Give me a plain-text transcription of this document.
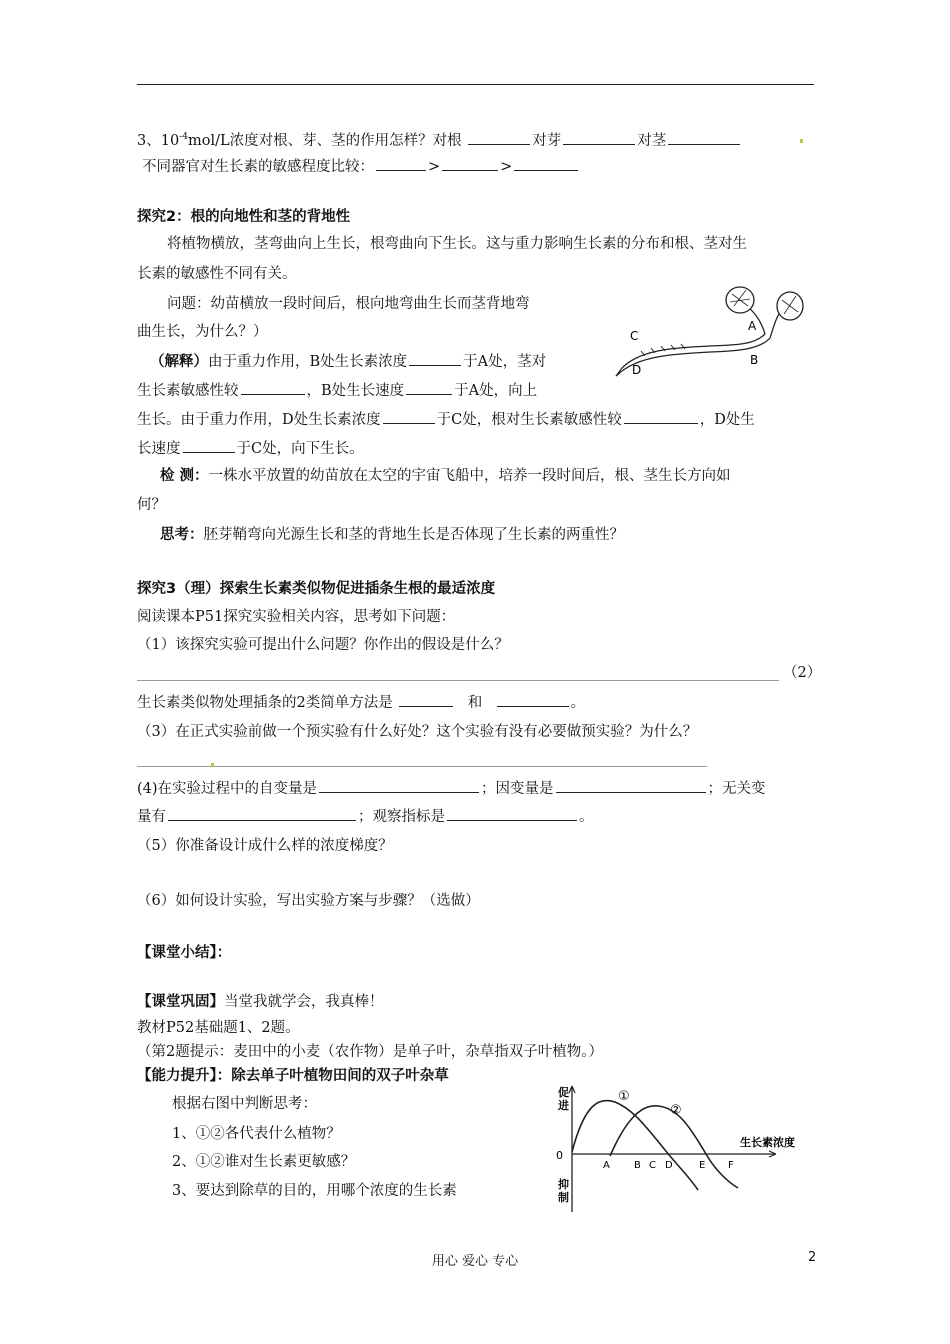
3、$10^{-4}mol/L$浓度对根、芽、茎的作用怎样？对根	对芽	对茎
不同器官对生长素的敏感程度比较：	>	>
探究2：根的向地性和茎的背地性
将植物横放，茎弯曲向上生长，根弯曲向下生长。这与重力影响生长素的分布和根、茎对生
长素的敏感性不同有关。
问题：幼苗横放一段时间后，根向地弯曲生长而茎背地弯
曲生长，为什么？）
（解释）由于重力作用，B处生长素浓度	于A处，茎对
生长素敏感性较	，B处生长速度	于A处，向上
生长。由于重力作用，D处生长素浓度	于C处，根对生长素敏感性较	，D处生
长速度	于C处，向下生长。
检 测：一株水平放置的幼苗放在太空的宇宙飞船中，培养一段时间后，根、茎生长方向如
何？
思考：胚芽鞘弯向光源生长和茎的背地生长是否体现了生长素的两重性？
A
B
C
D
探究3（理）探索生长素类似物促进插条生根的最适浓度
阅读课本P51探究实验相关内容，思考如下问题：
（1）该探究实验可提出什么问题？你作出的假设是什么？
（2）
生长素类似物处理插条的2类简单方法是	和	。
（3）在正式实验前做一个预实验有什么好处？这个实验有没有必要做预实验？为什么？
(4)在实验过程中的自变量是	；因变量是	；无关变
量有	；观察指标是	。
（5）你准备设计成什么样的浓度梯度？
（6）如何设计实验，写出实验方案与步骤？（选做）
【课堂小结】：
【课堂巩固】当堂我就学会，我真棒！
教材P52基础题1、2题。
（第2题提示：麦田中的小麦（农作物）是单子叶，杂草指双子叶植物。）
【能力提升】：除去单子叶植物田间的双子叶杂草
根据右图中判断思考：
1、①②各代表什么植物？
2、①②谁对生长素更敏感？
3、要达到除草的目的，用哪个浓度的生长素
促
进
抑
制
0
生长素浓度
①
②
A B C D	E F
用心 爱心 专心	2
